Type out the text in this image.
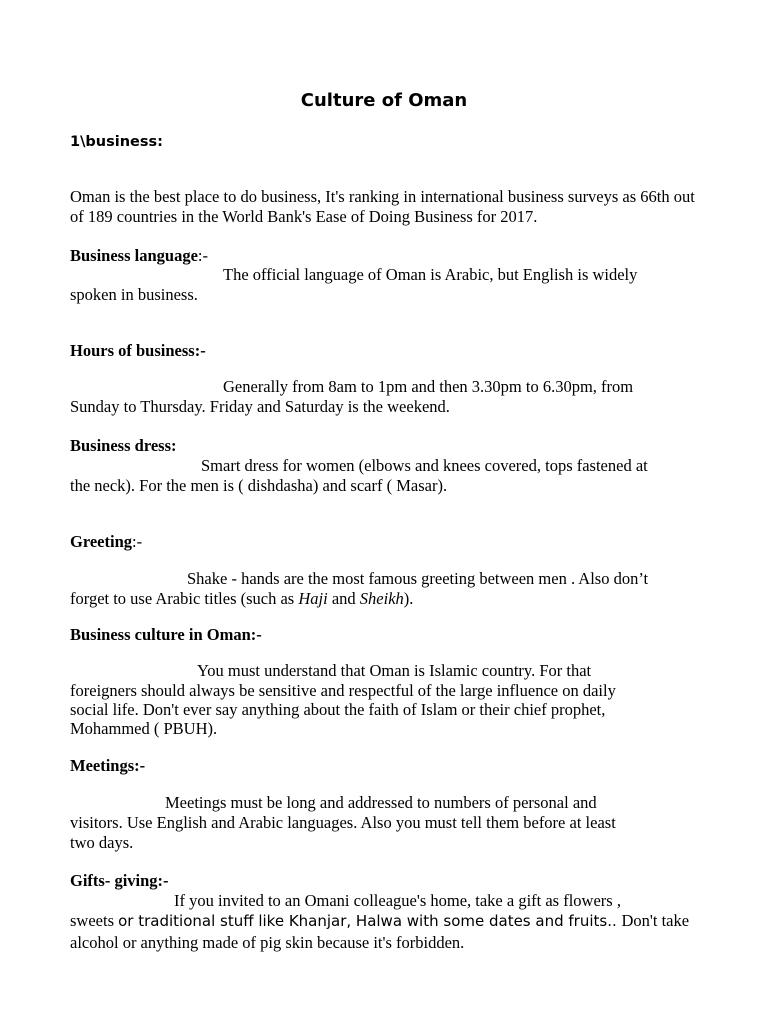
Culture of Oman
1\business:
Oman is the best place to do business, It's ranking in international business surveys as 66th out of 189 countries in the World Bank's Ease of Doing Business for 2017.
Business language:-
The official language of Oman is Arabic, but English is widely
spoken in business.
Hours of business:-
Generally from 8am to 1pm and then 3.30pm to 6.30pm, from
Sunday to Thursday. Friday and Saturday is the weekend.
Business dress:
Smart dress for women (elbows and knees covered, tops fastened at
the neck). For the men is ( dishdasha) and scarf ( Masar).
Greeting:-
Shake - hands are the most famous greeting between men . Also don’t
forget to use Arabic titles (such as Haji and Sheikh).
Business culture in Oman:-
You must understand that Oman is Islamic country. For that
foreigners should always be sensitive and respectful of the large influence on daily
social life. Don't ever say anything about the faith of Islam or their chief prophet,
Mohammed ( PBUH).
Meetings:-
Meetings must be long and addressed to numbers of personal and
visitors. Use English and Arabic languages. Also you must tell them before at least
two days.
Gifts- giving:-
If you invited to an Omani colleague's home, take a gift as flowers ,
sweets or traditional stuff like Khanjar, Halwa with some dates and fruits.. Don't take
alcohol or anything made of pig skin because it's forbidden.
